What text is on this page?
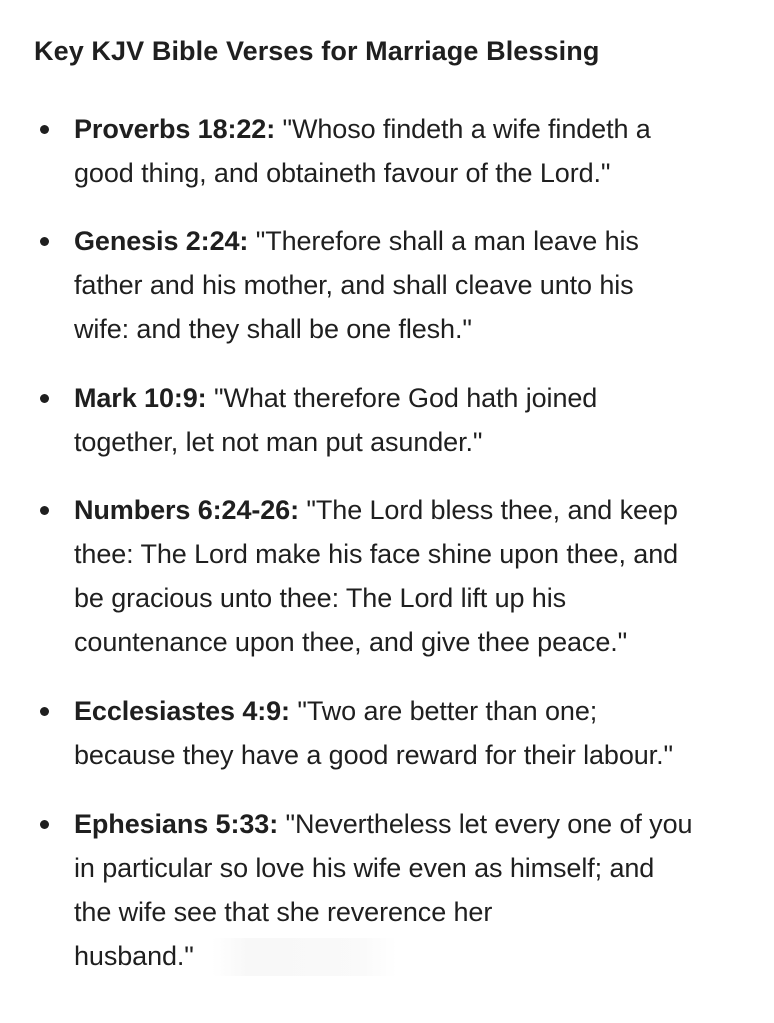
Key KJV Bible Verses for Marriage Blessing

Proverbs 18:22: "Whoso findeth a wife findeth a
good thing, and obtaineth favour of the Lord."

Genesis 2:24: "Therefore shall a man leave his
father and his mother, and shall cleave unto his
wife: and they shall be one flesh."

Mark 10:9: "What therefore God hath joined
together, let not man put asunder."

Numbers 6:24-26: "The Lord bless thee, and keep
thee: The Lord make his face shine upon thee, and
be gracious unto thee: The Lord lift up his
countenance upon thee, and give thee peace."

Ecclesiastes 4:9: "Two are better than one;
because they have a good reward for their labour."

Ephesians 5:33: "Nevertheless let every one of you
in particular so love his wife even as himself; and
the wife see that she reverence her
husband."
